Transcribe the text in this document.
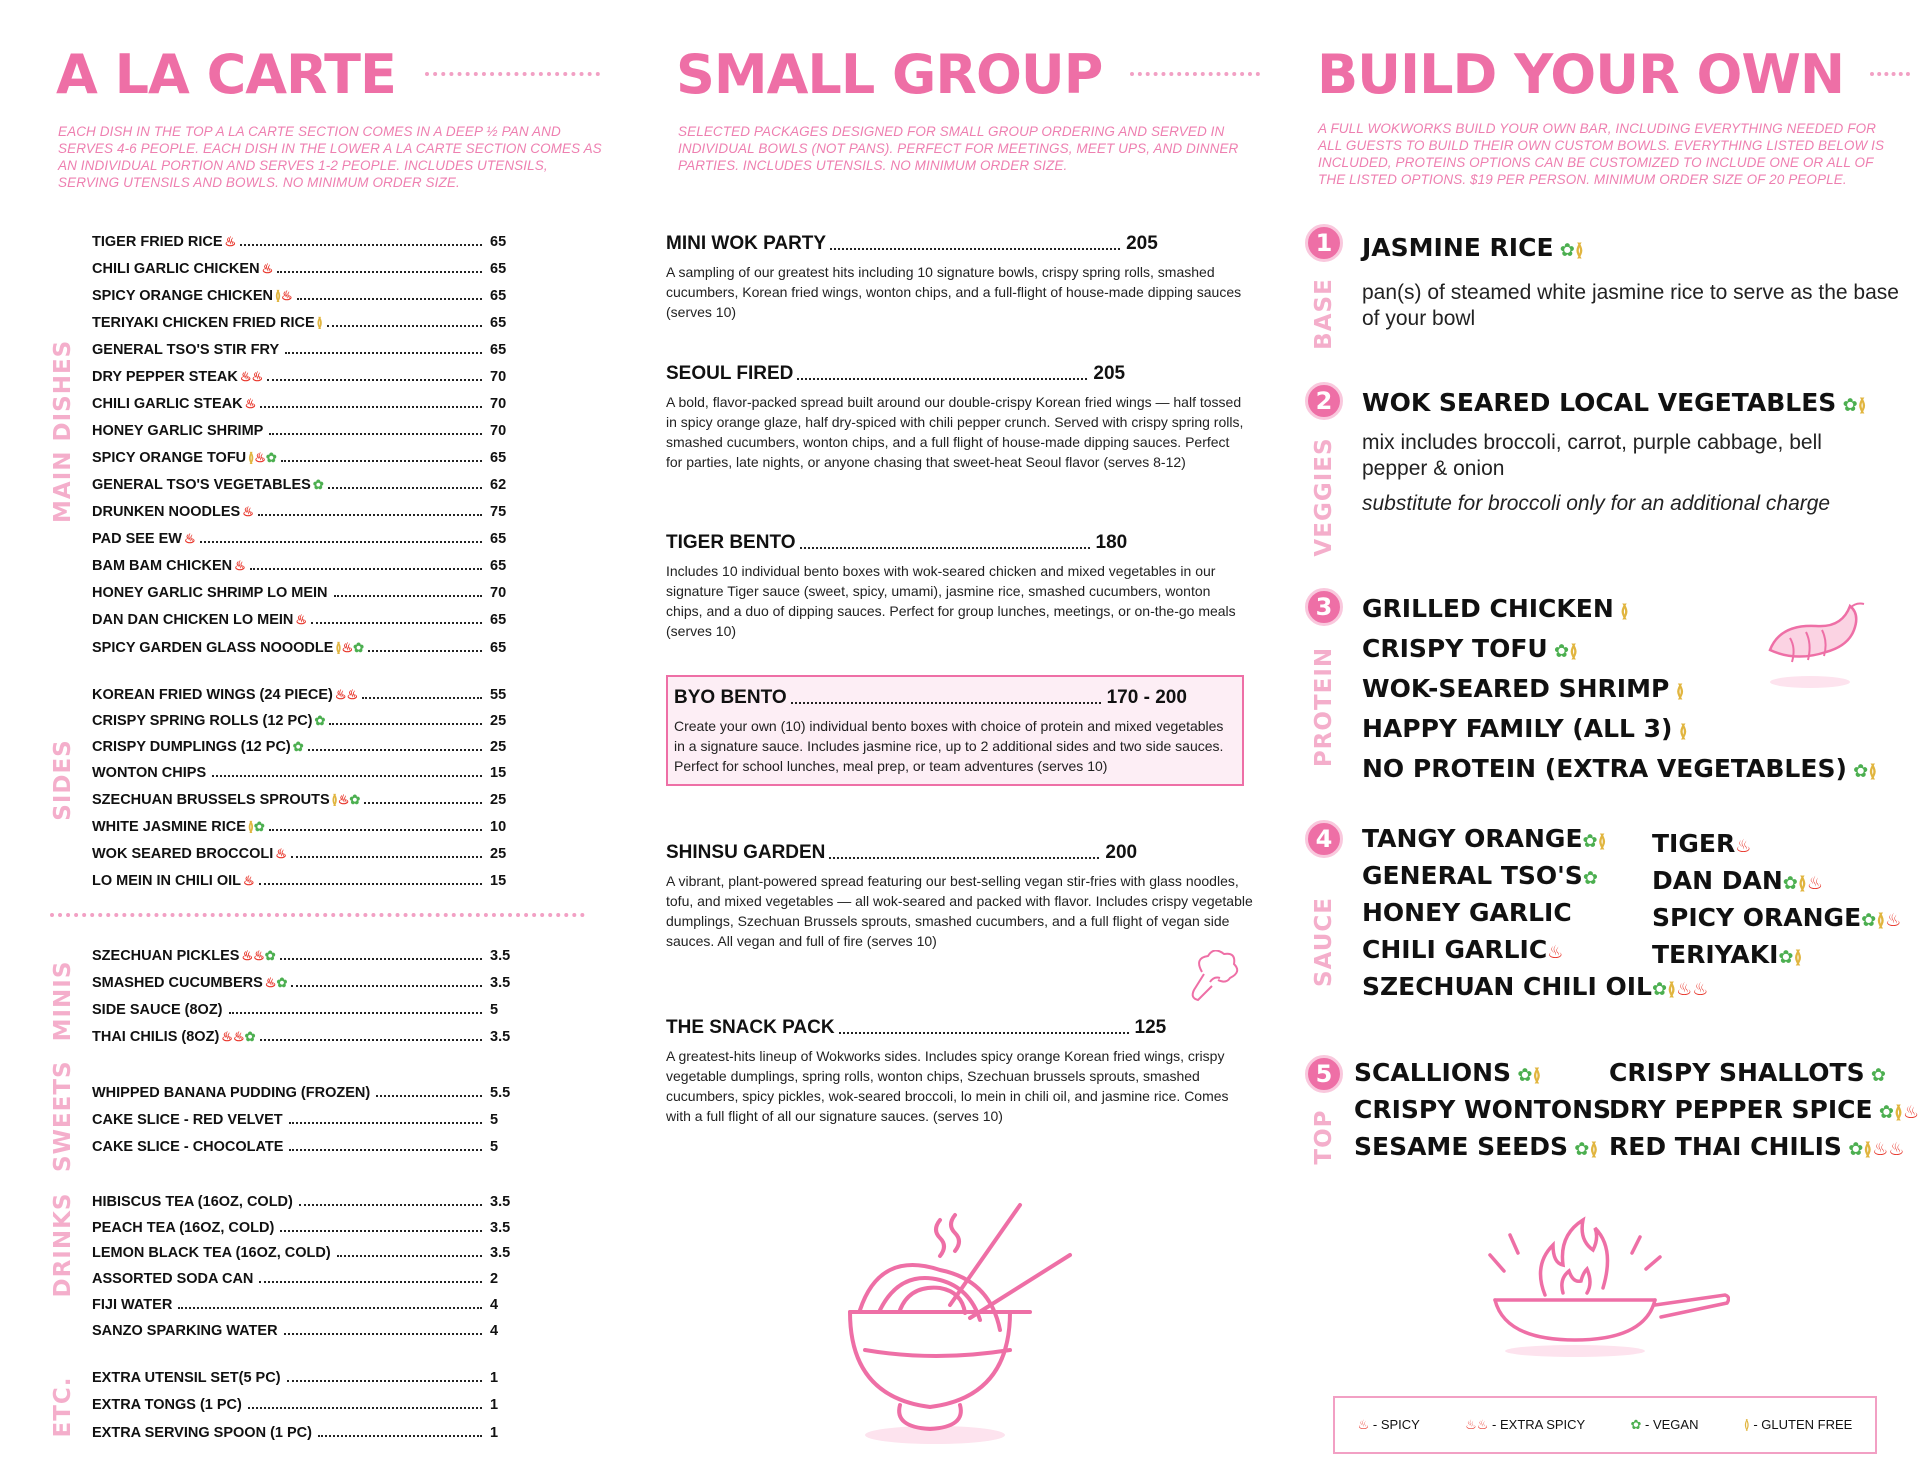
A LA CARTE
EACH DISH IN THE TOP A LA CARTE SECTION COMES IN A DEEP ½ PAN AND SERVES 4-6 PEOPLE. EACH DISH IN THE LOWER A LA CARTE SECTION COMES AS AN INDIVIDUAL PORTION AND SERVES 1-2 PEOPLE. INCLUDES UTENSILS, SERVING UTENSILS AND BOWLS. NO MINIMUM ORDER SIZE.
MAIN DISHES
SIDES
MINIS
SWEETS
DRINKS
ETC.
TIGER FRIED RICE ♨	65
CHILI GARLIC CHICKEN ♨	65
SPICY ORANGE CHICKEN ≬♨	65
TERIYAKI CHICKEN FRIED RICE ≬	65
GENERAL TSO'S STIR FRY	65
DRY PEPPER STEAK ♨♨	70
CHILI GARLIC STEAK ♨	70
HONEY GARLIC SHRIMP	70
SPICY ORANGE TOFU ≬♨✿	65
GENERAL TSO'S VEGETABLES ✿	62
DRUNKEN NOODLES ♨	75
PAD SEE EW ♨	65
BAM BAM CHICKEN ♨	65
HONEY GARLIC SHRIMP LO MEIN	70
DAN DAN CHICKEN LO MEIN ♨	65
SPICY GARDEN GLASS NOOODLE ≬♨✿	65
KOREAN FRIED WINGS (24 PIECE) ♨♨	55
CRISPY SPRING ROLLS (12 PC) ✿	25
CRISPY DUMPLINGS (12 PC) ✿	25
WONTON CHIPS	15
SZECHUAN BRUSSELS SPROUTS ≬♨✿	25
WHITE JASMINE RICE ≬✿	10
WOK SEARED BROCCOLI ♨	25
LO MEIN IN CHILI OIL ♨	15
SZECHUAN PICKLES ♨♨✿	3.5
SMASHED CUCUMBERS ♨✿	3.5
SIDE SAUCE (8OZ)	5
THAI CHILIS (8OZ) ♨♨✿	3.5
WHIPPED BANANA PUDDING (FROZEN)	5.5
CAKE SLICE - RED VELVET	5
CAKE SLICE - CHOCOLATE	5
HIBISCUS TEA (16OZ, COLD)	3.5
PEACH TEA (16OZ, COLD)	3.5
LEMON BLACK TEA (16OZ, COLD)	3.5
ASSORTED SODA CAN	2
FIJI WATER	4
SANZO SPARKING WATER	4
EXTRA UTENSIL SET(5 PC)	1
EXTRA TONGS (1 PC)	1
EXTRA SERVING SPOON (1 PC)	1
SMALL GROUP
SELECTED PACKAGES DESIGNED FOR SMALL GROUP ORDERING AND SERVED IN INDIVIDUAL BOWLS (NOT PANS). PERFECT FOR MEETINGS, MEET UPS, AND DINNER PARTIES. INCLUDES UTENSILS. NO MINIMUM ORDER SIZE.
MINI WOK PARTY	205
A sampling of our greatest hits including 10 signature bowls, crispy spring rolls, smashed cucumbers, Korean fried wings, wonton chips, and a full-flight of house-made dipping sauces (serves 10)
SEOUL FIRED	205
A bold, flavor-packed spread built around our double-crispy Korean fried wings — half tossed in spicy orange glaze, half dry-spiced with chili pepper crunch. Served with crispy spring rolls, smashed cucumbers, wonton chips, and a full flight of house-made dipping sauces. Perfect for parties, late nights, or anyone chasing that sweet-heat Seoul flavor (serves 8-12)
TIGER BENTO	180
Includes 10 individual bento boxes with wok-seared chicken and mixed vegetables in our signature Tiger sauce (sweet, spicy, umami), jasmine rice, smashed cucumbers, wonton chips, and a duo of dipping sauces. Perfect for group lunches, meetings, or on-the-go meals (serves 10)
BYO BENTO	170 - 200
Create your own (10) individual bento boxes with choice of protein and mixed vegetables in a signature sauce. Includes jasmine rice, up to 2 additional sides and two side sauces. Perfect for school lunches, meal prep, or team adventures (serves 10)
SHINSU GARDEN	200
A vibrant, plant-powered spread featuring our best-selling vegan stir-fries with glass noodles, tofu, and mixed vegetables — all wok-seared and packed with flavor. Includes crispy vegetable dumplings, Szechuan Brussels sprouts, smashed cucumbers, and a full flight of vegan side sauces. All vegan and full of fire (serves 10)
THE SNACK PACK	125
A greatest-hits lineup of Wokworks sides. Includes spicy orange Korean fried wings, crispy vegetable dumplings, spring rolls, wonton chips, Szechuan brussels sprouts, smashed cucumbers, spicy pickles, wok-seared broccoli, lo mein in chili oil, and jasmine rice. Comes with a full flight of all our signature sauces. (serves 10)
BUILD YOUR OWN
A FULL WOKWORKS BUILD YOUR OWN BAR, INCLUDING EVERYTHING NEEDED FOR ALL GUESTS TO BUILD THEIR OWN CUSTOM BOWLS. EVERYTHING LISTED BELOW IS INCLUDED, PROTEINS OPTIONS CAN BE CUSTOMIZED TO INCLUDE ONE OR ALL OF THE LISTED OPTIONS. $19 PER PERSON. MINIMUM ORDER SIZE OF 20 PEOPLE.
1
BASE
JASMINE RICE ✿≬
pan(s) of steamed white jasmine rice to serve as the base of your bowl
2
VEGGIES
WOK SEARED LOCAL VEGETABLES ✿≬
mix includes broccoli, carrot, purple cabbage, bell pepper & onion
substitute for broccoli only for an additional charge
3
PROTEIN
GRILLED CHICKEN ≬
CRISPY TOFU ✿≬
WOK-SEARED SHRIMP ≬
HAPPY FAMILY (ALL 3) ≬
NO PROTEIN (EXTRA VEGETABLES) ✿≬
4
SAUCE
TANGY ORANGE✿≬
GENERAL TSO'S✿
HONEY GARLIC
CHILI GARLIC♨
SZECHUAN CHILI OIL✿≬♨♨
TIGER♨
DAN DAN✿≬♨
SPICY ORANGE✿≬♨
TERIYAKI✿≬
5
TOP
SCALLIONS ✿≬
CRISPY WONTONS
SESAME SEEDS ✿≬
CRISPY SHALLOTS ✿
DRY PEPPER SPICE ✿≬♨
RED THAI CHILIS ✿≬♨♨
♨ - SPICY	♨♨ - EXTRA SPICY	✿ - VEGAN	≬ - GLUTEN FREE
